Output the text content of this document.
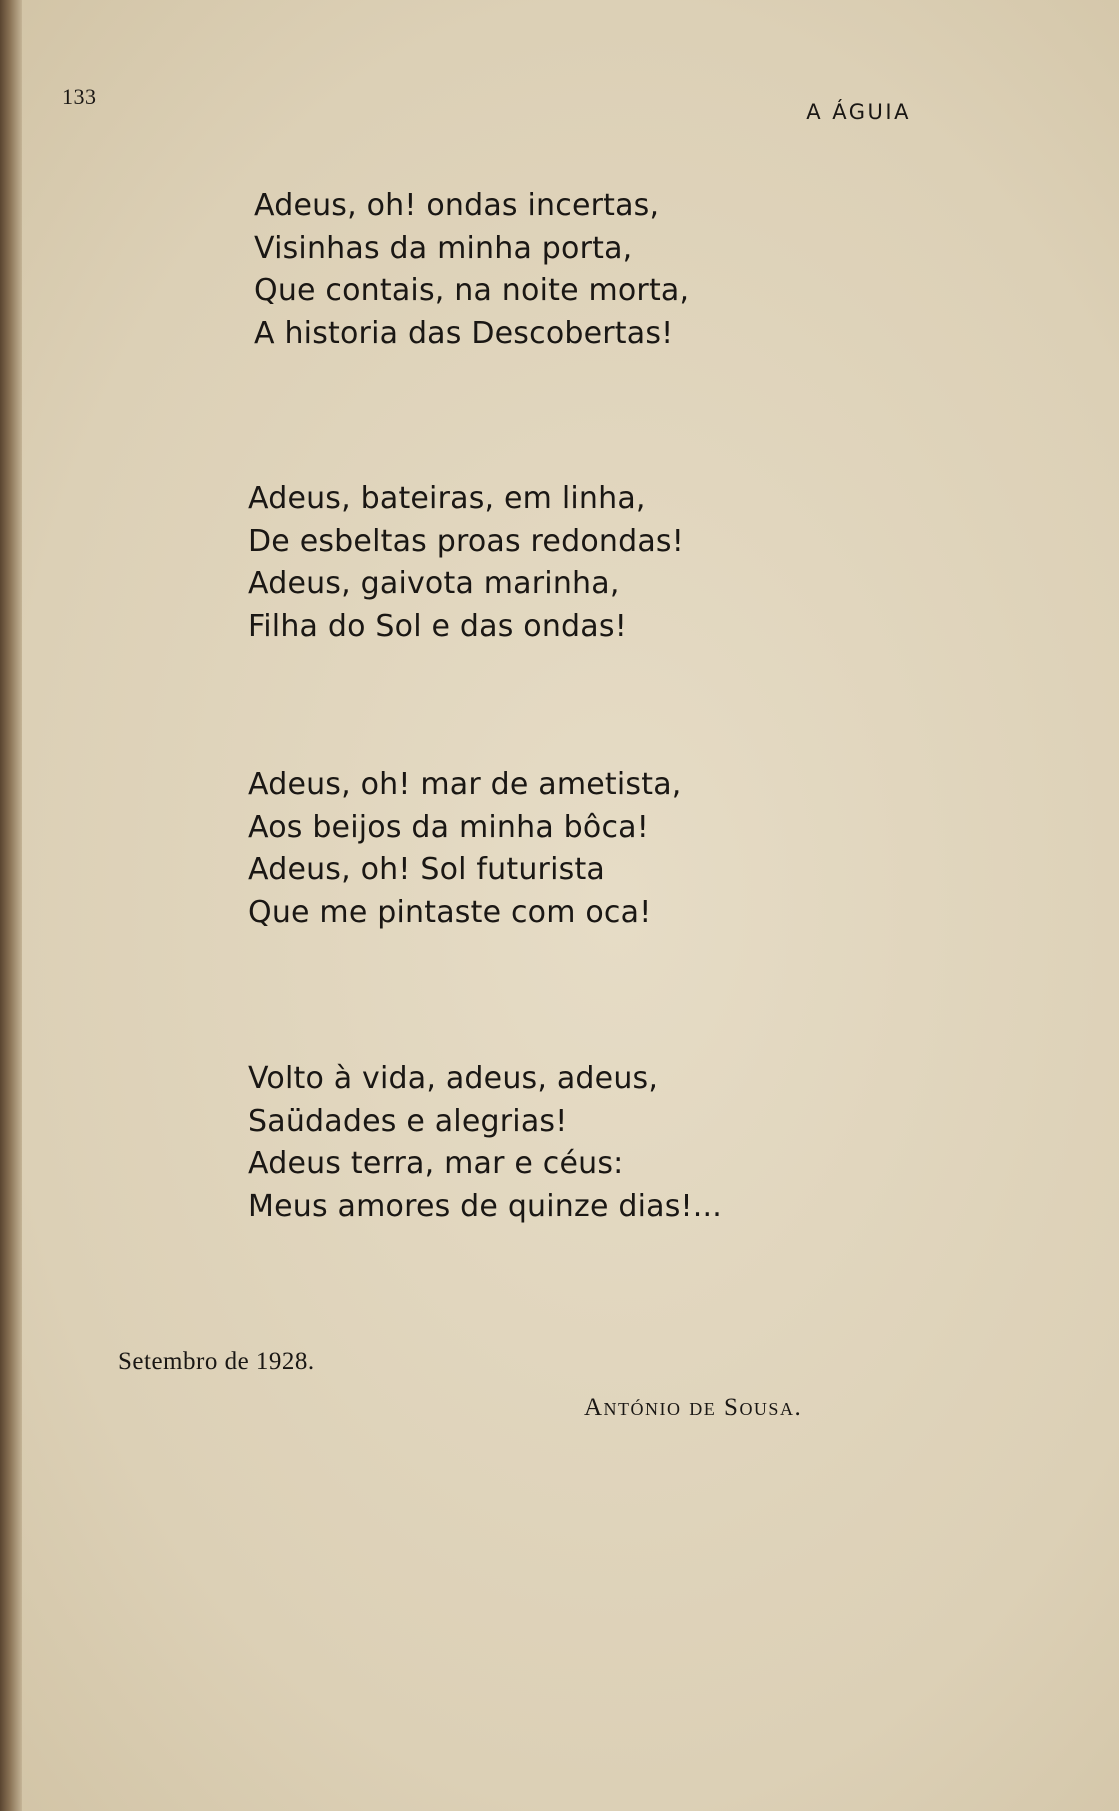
133
A ÁGUIA
Adeus, oh! ondas incertas,
Visinhas da minha porta,
Que contais, na noite morta,
A historia das Descobertas!
Adeus, bateiras, em linha,
De esbeltas proas redondas!
Adeus, gaivota marinha,
Filha do Sol e das ondas!
Adeus, oh! mar de ametista,
Aos beijos da minha bôca!
Adeus, oh! Sol futurista
Que me pintaste com oca!
Volto à vida, adeus, adeus,
Saüdades e alegrias!
Adeus terra, mar e céus:
Meus amores de quinze dias!...
Setembro de 1928.
António de Sousa.
